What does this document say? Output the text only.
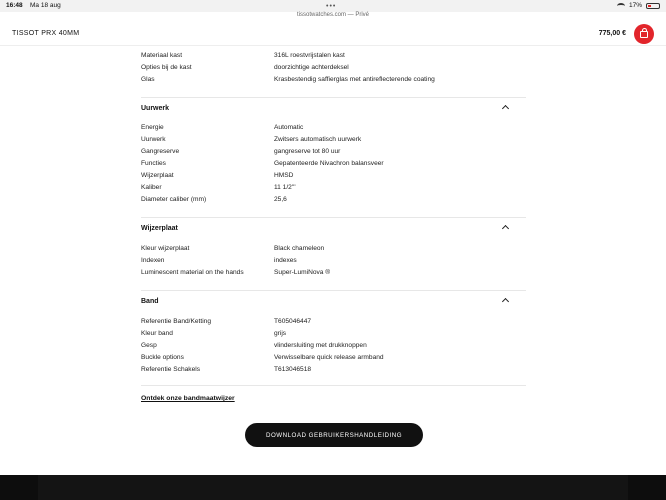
16:48 Ma 18 aug	17%
•••
tissotwatches.com — Privé
TISSOT PRX 40MM	775,00 €
Materiaal kast	316L roestvrijstalen kast
Opties bij de kast	doorzichtige achterdeksel
Glas	Krasbestendig saffierglas met antireflecterende coating
Uurwerk
Energie	Automatic
Uurwerk	Zwitsers automatisch uurwerk
Gangreserve	gangreserve tot 80 uur
Functies	Gepatenteerde Nivachron balansveer
Wijzerplaat	HMSD
Kaliber	11 1/2'''
Diameter caliber (mm)	25,6
Wijzerplaat
Kleur wijzerplaat	Black chameleon
Indexen	indexes
Luminescent material on the hands	Super-LumiNova ®
Band
Referentie Band/Ketting	T605046447
Kleur band	grijs
Gesp	vlindersluiting met drukknoppen
Buckle options	Verwisselbare quick release armband
Referentie Schakels	T613046518
Ontdek onze bandmaatwijzer
DOWNLOAD GEBRUIKERSHANDLEIDING
